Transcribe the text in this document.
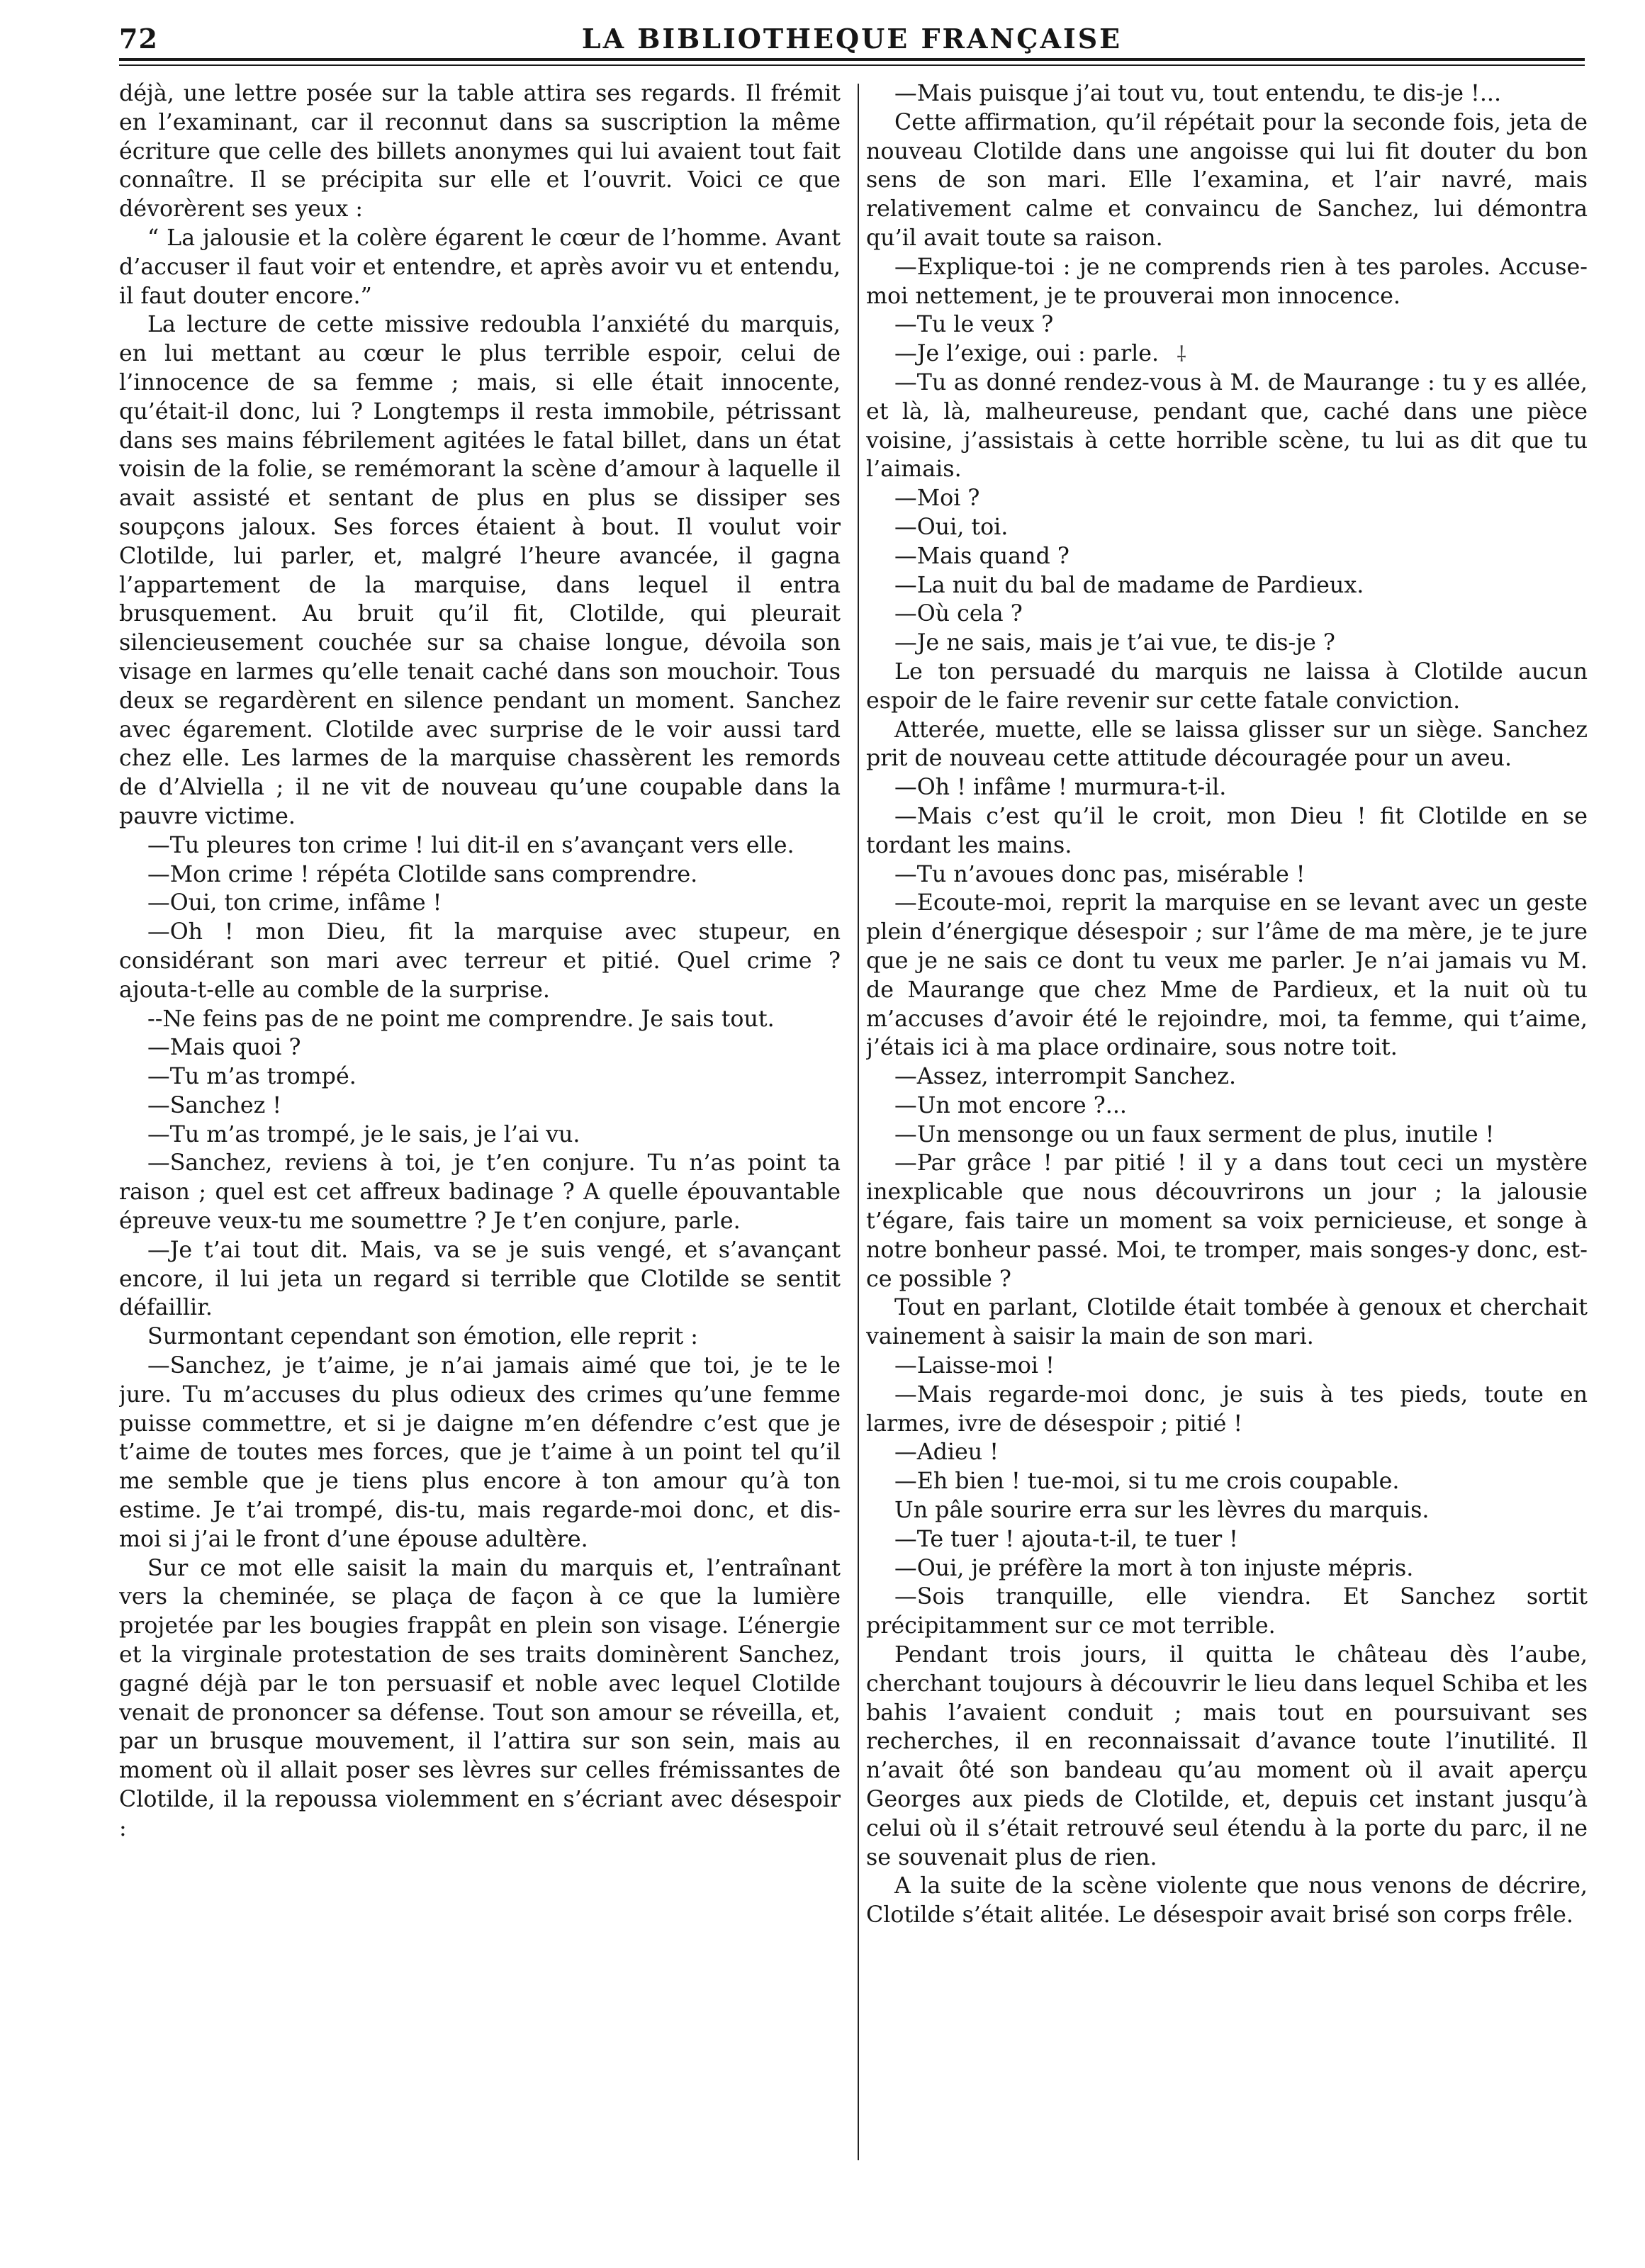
72	LA BIBLIOTHEQUE FRANÇAISE

déjà, une lettre posée sur la table attira ses regards. Il frémit en l’examinant, car il reconnut dans sa suscription la même écriture que celle des billets anonymes qui lui avaient tout fait connaître. Il se précipita sur elle et l’ouvrit. Voici ce que dévorèrent ses yeux :

“ La jalousie et la colère égarent le cœur de l’homme. Avant d’accuser il faut voir et entendre, et après avoir vu et entendu, il faut douter encore.”

La lecture de cette missive redoubla l’anxiété du marquis, en lui mettant au cœur le plus terrible espoir, celui de l’innocence de sa femme ; mais, si elle était innocente, qu’était-il donc, lui ? Longtemps il resta immobile, pétrissant dans ses mains fébrilement agitées le fatal billet, dans un état voisin de la folie, se remémorant la scène d’amour à laquelle il avait assisté et sentant de plus en plus se dissiper ses soupçons jaloux. Ses forces étaient à bout. Il voulut voir Clotilde, lui parler, et, malgré l’heure avancée, il gagna l’appartement de la marquise, dans lequel il entra brusquement. Au bruit qu’il fit, Clotilde, qui pleurait silencieusement couchée sur sa chaise longue, dévoila son visage en larmes qu’elle tenait caché dans son mouchoir. Tous deux se regardèrent en silence pendant un moment. Sanchez avec égarement. Clotilde avec surprise de le voir aussi tard chez elle. Les larmes de la marquise chassèrent les remords de d’Alviella ; il ne vit de nouveau qu’une coupable dans la pauvre victime.

—Tu pleures ton crime ! lui dit-il en s’avançant vers elle.

—Mon crime ! répéta Clotilde sans comprendre.

—Oui, ton crime, infâme !

—Oh ! mon Dieu, fit la marquise avec stupeur, en considérant son mari avec terreur et pitié. Quel crime ? ajouta-t-elle au comble de la surprise.

--Ne feins pas de ne point me comprendre. Je sais tout.

—Mais quoi ?

—Tu m’as trompé.

—Sanchez !

—Tu m’as trompé, je le sais, je l’ai vu.

—Sanchez, reviens à toi, je t’en conjure. Tu n’as point ta raison ; quel est cet affreux badinage ? A quelle épouvantable épreuve veux-tu me soumettre ? Je t’en conjure, parle.

—Je t’ai tout dit. Mais, va se je suis vengé, et s’avançant encore, il lui jeta un regard si terrible que Clotilde se sentit défaillir.

Surmontant cependant son émotion, elle reprit :

—Sanchez, je t’aime, je n’ai jamais aimé que toi, je te le jure. Tu m’accuses du plus odieux des crimes qu’une femme puisse commettre, et si je daigne m’en défendre c’est que je t’aime de toutes mes forces, que je t’aime à un point tel qu’il me semble que je tiens plus encore à ton amour qu’à ton estime. Je t’ai trompé, dis-tu, mais regarde-moi donc, et dis-moi si j’ai le front d’une épouse adultère.

Sur ce mot elle saisit la main du marquis et, l’entraînant vers la cheminée, se plaça de façon à ce que la lumière projetée par les bougies frappât en plein son visage. L’énergie et la virginale protestation de ses traits dominèrent Sanchez, gagné déjà par le ton persuasif et noble avec lequel Clotilde venait de prononcer sa défense. Tout son amour se réveilla, et, par un brusque mouvement, il l’attira sur son sein, mais au moment où il allait poser ses lèvres sur celles frémissantes de Clotilde, il la repoussa violemment en s’écriant avec désespoir :

—Mais puisque j’ai tout vu, tout entendu, te dis-je !...

Cette affirmation, qu’il répétait pour la seconde fois, jeta de nouveau Clotilde dans une angoisse qui lui fit douter du bon sens de son mari. Elle l’examina, et l’air navré, mais relativement calme et convaincu de Sanchez, lui démontra qu’il avait toute sa raison.

—Explique-toi : je ne comprends rien à tes paroles. Accuse-moi nettement, je te prouverai mon innocence.

—Tu le veux ?

—Je l’exige, oui : parle.

—Tu as donné rendez-vous à M. de Maurange : tu y es allée, et là, là, malheureuse, pendant que, caché dans une pièce voisine, j’assistais à cette horrible scène, tu lui as dit que tu l’aimais.

—Moi ?

—Oui, toi.

—Mais quand ?

—La nuit du bal de madame de Pardieux.

—Où cela ?

—Je ne sais, mais je t’ai vue, te dis-je ?

Le ton persuadé du marquis ne laissa à Clotilde aucun espoir de le faire revenir sur cette fatale conviction.

Atterée, muette, elle se laissa glisser sur un siège. Sanchez prit de nouveau cette attitude découragée pour un aveu.

—Oh ! infâme ! murmura-t-il.

—Mais c’est qu’il le croit, mon Dieu ! fit Clotilde en se tordant les mains.

—Tu n’avoues donc pas, misérable !

—Ecoute-moi, reprit la marquise en se levant avec un geste plein d’énergique désespoir ; sur l’âme de ma mère, je te jure que je ne sais ce dont tu veux me parler. Je n’ai jamais vu M. de Maurange que chez Mme de Pardieux, et la nuit où tu m’accuses d’avoir été le rejoindre, moi, ta femme, qui t’aime, j’étais ici à ma place ordinaire, sous notre toit.

—Assez, interrompit Sanchez.

—Un mot encore ?...

—Un mensonge ou un faux serment de plus, inutile !

—Par grâce ! par pitié ! il y a dans tout ceci un mystère inexplicable que nous découvrirons un jour ; la jalousie t’égare, fais taire un moment sa voix pernicieuse, et songe à notre bonheur passé. Moi, te tromper, mais songes-y donc, est-ce possible ?

Tout en parlant, Clotilde était tombée à genoux et cherchait vainement à saisir la main de son mari.

—Laisse-moi !

—Mais regarde-moi donc, je suis à tes pieds, toute en larmes, ivre de désespoir ; pitié !

—Adieu !

—Eh bien ! tue-moi, si tu me crois coupable.

Un pâle sourire erra sur les lèvres du marquis.

—Te tuer ! ajouta-t-il, te tuer !

—Oui, je préfère la mort à ton injuste mépris.

—Sois tranquille, elle viendra. Et Sanchez sortit précipitamment sur ce mot terrible.

Pendant trois jours, il quitta le château dès l’aube, cherchant toujours à découvrir le lieu dans lequel Schiba et les bahis l’avaient conduit ; mais tout en poursuivant ses recherches, il en reconnaissait d’avance toute l’inutilité. Il n’avait ôté son bandeau qu’au moment où il avait aperçu Georges aux pieds de Clotilde, et, depuis cet instant jusqu’à celui où il s’était retrouvé seul étendu à la porte du parc, il ne se souvenait plus de rien.

A la suite de la scène violente que nous venons de décrire, Clotilde s’était alitée. Le désespoir avait brisé son corps frêle.

⸸
